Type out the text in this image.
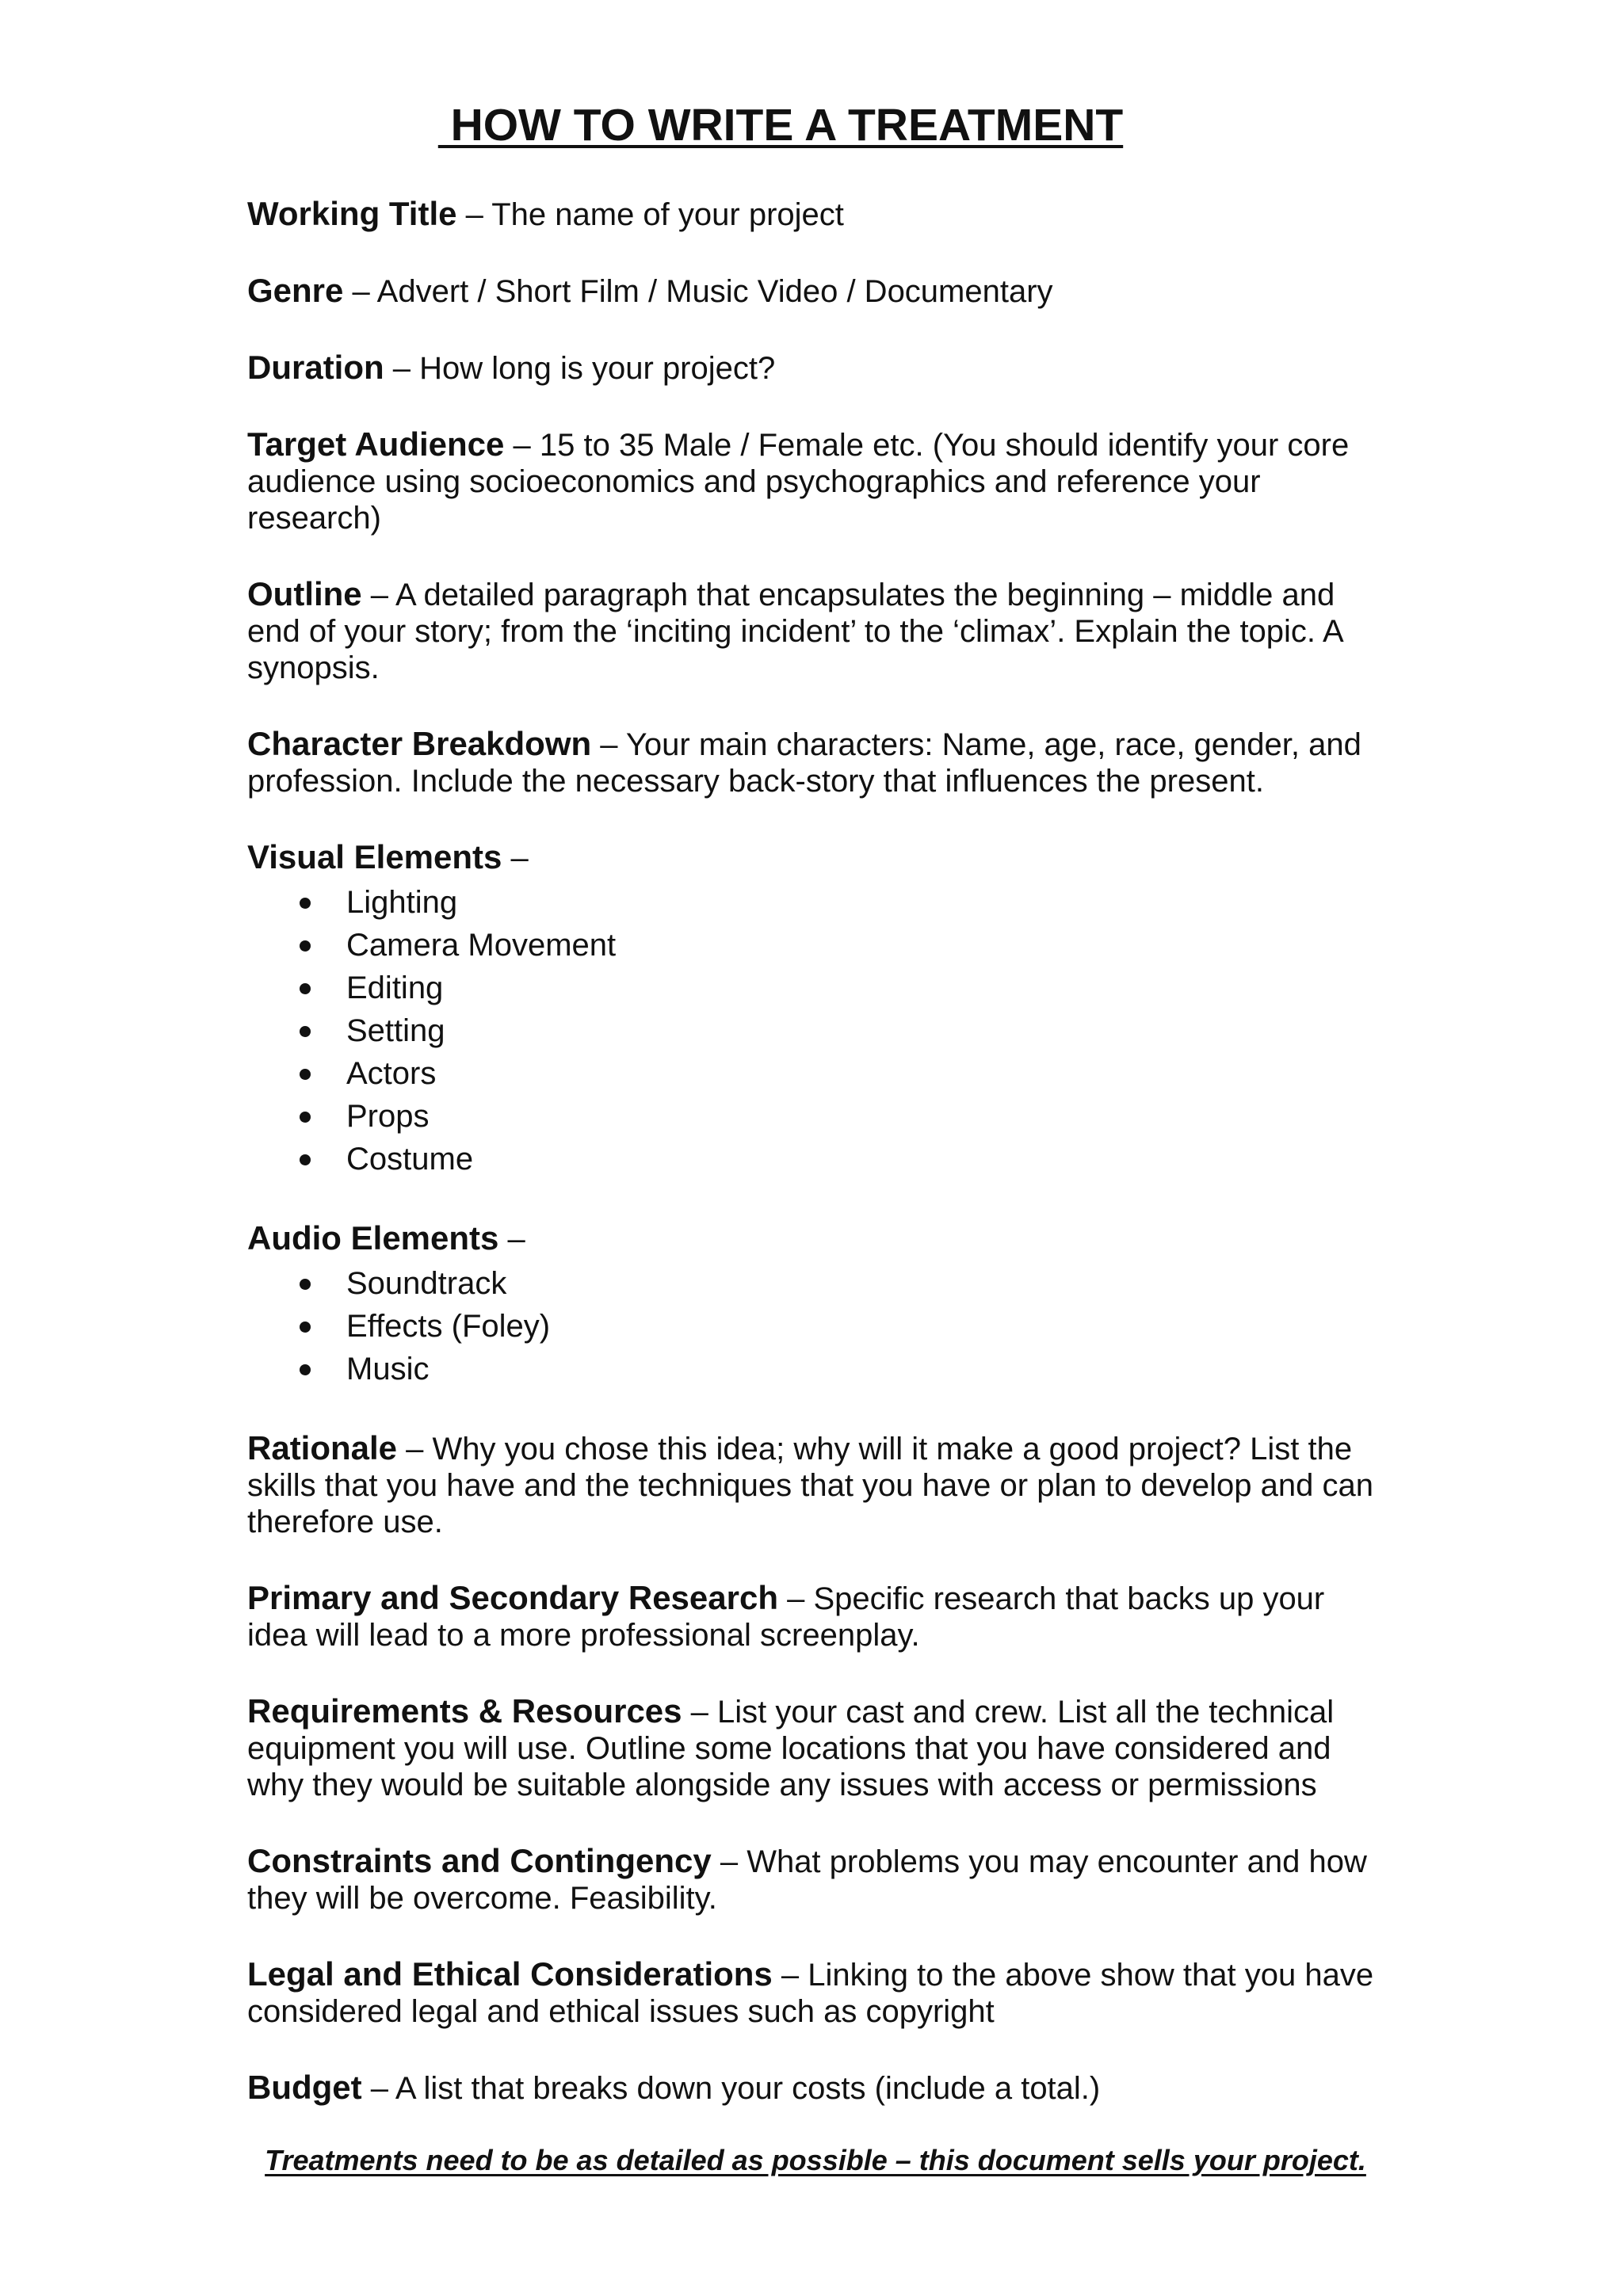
HOW TO WRITE A TREATMENT
Working Title – The name of your project
Genre – Advert / Short Film / Music Video / Documentary
Duration – How long is your project?
Target Audience – 15 to 35 Male / Female etc. (You should identify your core audience using socioeconomics and psychographics and reference your research)
Outline – A detailed paragraph that encapsulates the beginning – middle and end of your story; from the ‘inciting incident’ to the ‘climax’. Explain the topic. A synopsis.
Character Breakdown – Your main characters: Name, age, race, gender, and profession. Include the necessary back-story that influences the present.
Visual Elements –
Lighting
Camera Movement
Editing
Setting
Actors
Props
Costume
Audio Elements –
Soundtrack
Effects (Foley)
Music
Rationale – Why you chose this idea; why will it make a good project? List the skills that you have and the techniques that you have or plan to develop and can therefore use.
Primary and Secondary Research – Specific research that backs up your idea will lead to a more professional screenplay.
Requirements & Resources – List your cast and crew. List all the technical equipment you will use. Outline some locations that you have considered and why they would be suitable alongside any issues with access or permissions
Constraints and Contingency – What problems you may encounter and how they will be overcome. Feasibility.
Legal and Ethical Considerations – Linking to the above show that you have considered legal and ethical issues such as copyright
Budget – A list that breaks down your costs (include a total.)
Treatments need to be as detailed as possible – this document sells your project.
